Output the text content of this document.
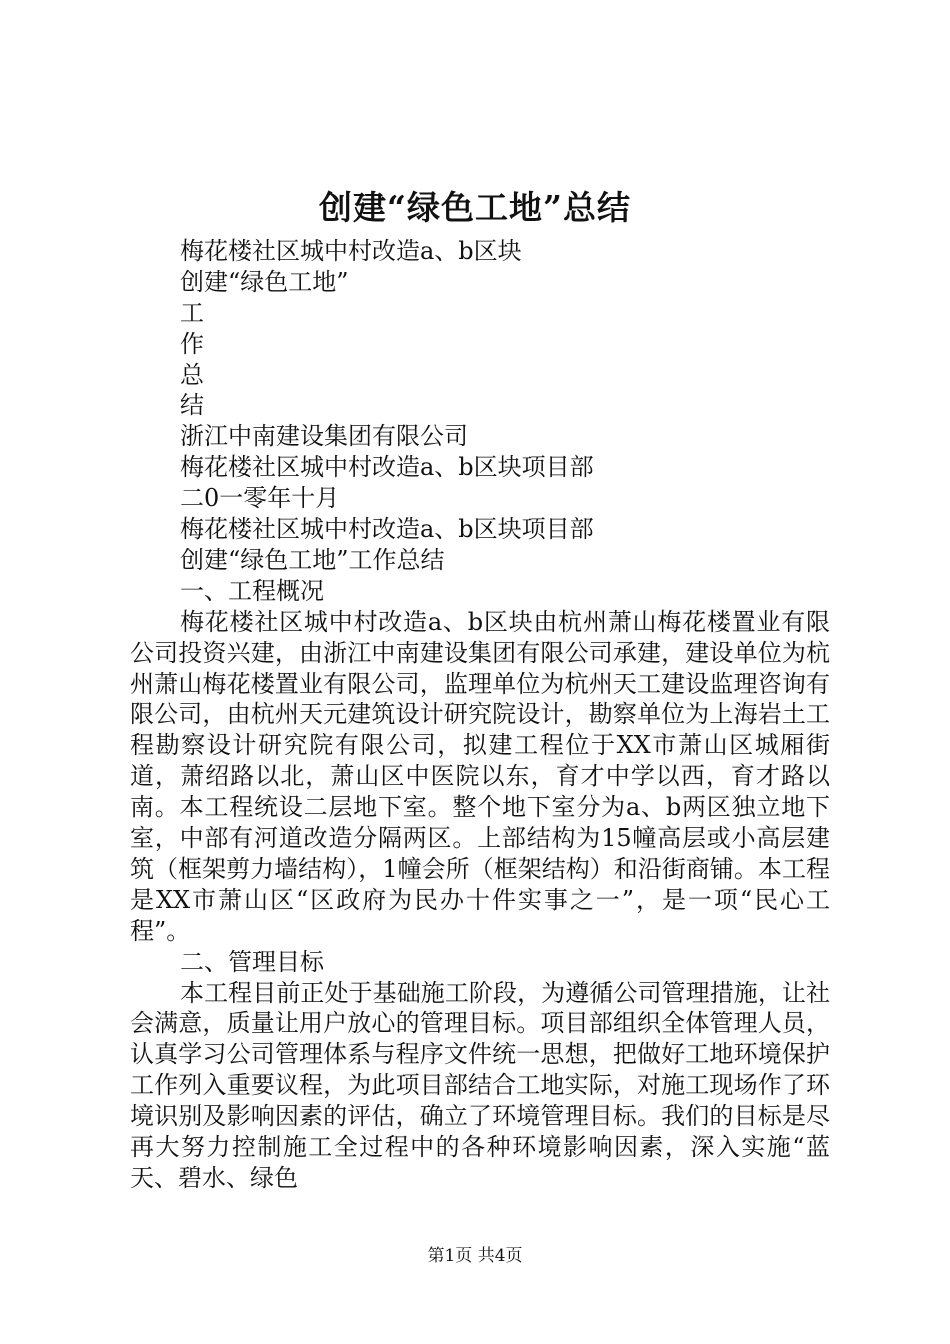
创建“绿色工地”总结

梅花楼社区城中村改造a、b区块

创建“绿色工地”

工

作

总

结

浙江中南建设集团有限公司

梅花楼社区城中村改造a、b区块项目部

二0一零年十月

梅花楼社区城中村改造a、b区块项目部

创建“绿色工地”工作总结

一、工程概况

梅花楼社区城中村改造a、b区块由杭州萧山梅花楼置业有限公司投资兴建，由浙江中南建设集团有限公司承建，建设单位为杭州萧山梅花楼置业有限公司，监理单位为杭州天工建设监理咨询有限公司，由杭州天元建筑设计研究院设计，勘察单位为上海岩土工程勘察设计研究院有限公司，拟建工程位于XX市萧山区城厢街道，萧绍路以北，萧山区中医院以东，育才中学以西，育才路以南。本工程统设二层地下室。整个地下室分为a、b两区独立地下室，中部有河道改造分隔两区。上部结构为15幢高层或小高层建筑（框架剪力墙结构），1幢会所（框架结构）和沿街商铺。本工程是XX市萧山区“区政府为民办十件实事之一”，是一项“民心工程”。

二、管理目标

本工程目前正处于基础施工阶段，为遵循公司管理措施，让社会满意，质量让用户放心的管理目标。项目部组织全体管理人员，认真学习公司管理体系与程序文件统一思想，把做好工地环境保护工作列入重要议程，为此项目部结合工地实际，对施工现场作了环境识别及影响因素的评估，确立了环境管理目标。我们的目标是尽再大努力控制施工全过程中的各种环境影响因素，深入实施“蓝天、碧水、绿色

第1页 共4页
